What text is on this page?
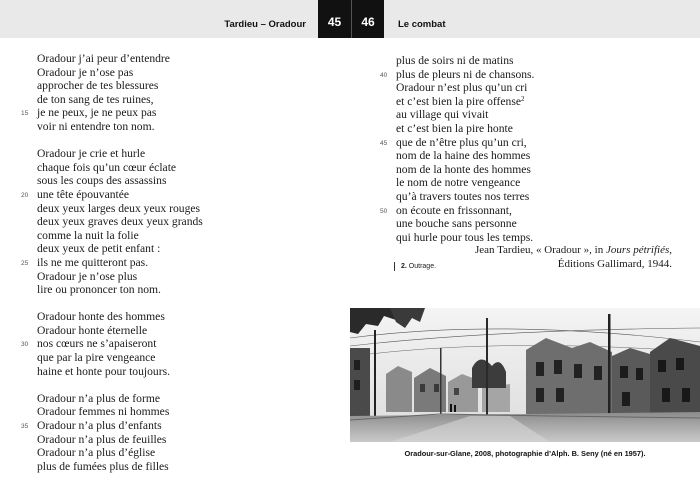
Tardieu – Oradour	45	46	Le combat
Oradour j’ai peur d’entendre
Oradour je n’ose pas
approcher de tes blessures
de ton sang de tes ruines,
15 je ne peux, je ne peux pas
voir ni entendre ton nom.
Oradour je crie et hurle
chaque fois qu’un cœur éclate
sous les coups des assassins
20 une tête épouvantée
deux yeux larges deux yeux rouges
deux yeux graves deux yeux grands
comme la nuit la folie
deux yeux de petit enfant :
25 ils ne me quitteront pas.
Oradour je n’ose plus
lire ou prononcer ton nom.
Oradour honte des hommes
Oradour honte éternelle
30 nos cœurs ne s’apaiseront
que par la pire vengeance
haine et honte pour toujours.
Oradour n’a plus de forme
Oradour femmes ni hommes
35 Oradour n’a plus d’enfants
Oradour n’a plus de feuilles
Oradour n’a plus d’église
plus de fumées plus de filles
plus de soirs ni de matins
40 plus de pleurs ni de chansons.
Oradour n’est plus qu’un cri
et c’est bien la pire offense$^2$
au village qui vivait
et c’est bien la pire honte
45 que de n’être plus qu’un cri,
nom de la haine des hommes
nom de la honte des hommes
le nom de notre vengeance
qu’à travers toutes nos terres
50 on écoute en frissonnant,
une bouche sans personne
qui hurle pour tous les temps.
Jean Tardieu, « Oradour », in Jours pétrifiés,
Éditions Gallimard, 1944.
2. Outrage.
Oradour-sur-Glane, 2008, photographie d’Alph. B. Seny (né en 1957).
